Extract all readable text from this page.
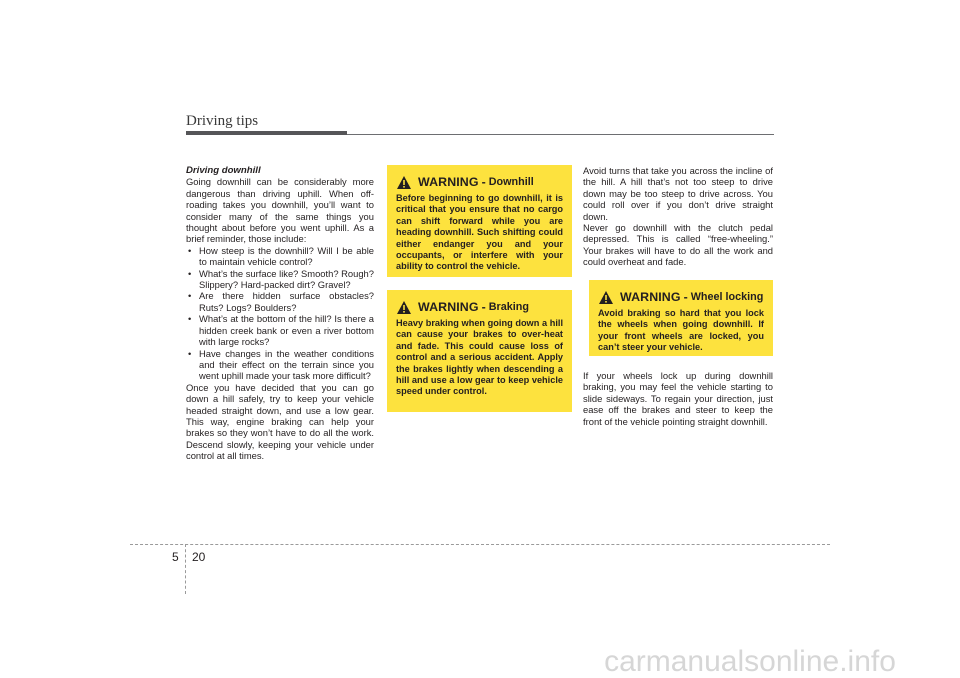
Driving tips

Driving downhill

Going downhill can be considerably more dangerous than driving uphill. When off-roading takes you downhill, you’ll want to consider many of the same things you thought about before you went uphill. As a brief reminder, those include:

• How steep is the downhill? Will I be able to maintain vehicle control?
• What’s the surface like? Smooth? Rough? Slippery? Hard-packed dirt? Gravel?
• Are there hidden surface obstacles? Ruts? Logs? Boulders?
• What’s at the bottom of the hill? Is there a hidden creek bank or even a river bottom with large rocks?
• Have changes in the weather conditions and their effect on the terrain since you went uphill made your task more difficult?

Once you have decided that you can go down a hill safely, try to keep your vehicle headed straight down, and use a low gear. This way, engine braking can help your brakes so they won’t have to do all the work. Descend slowly, keeping your vehicle under control at all times.

WARNING - Downhill

Before beginning to go downhill, it is critical that you ensure that no cargo can shift forward while you are heading downhill. Such shifting could either endanger you and your occupants, or interfere with your ability to control the vehicle.

WARNING - Braking

Heavy braking when going down a hill can cause your brakes to over-heat and fade. This could cause loss of control and a serious accident. Apply the brakes lightly when descending a hill and use a low gear to keep vehicle speed under control.

Avoid turns that take you across the incline of the hill. A hill that’s not too steep to drive down may be too steep to drive across. You could roll over if you don’t drive straight down.

Never go downhill with the clutch pedal depressed. This is called “free-wheeling.” Your brakes will have to do all the work and could overheat and fade.

WARNING - Wheel locking

Avoid braking so hard that you lock the wheels when going downhill. If your front wheels are locked, you can’t steer your vehicle.

If your wheels lock up during downhill braking, you may feel the vehicle starting to slide sideways. To regain your direction, just ease off the brakes and steer to keep the front of the vehicle pointing straight downhill.

5 20
carmanualsonline.info
